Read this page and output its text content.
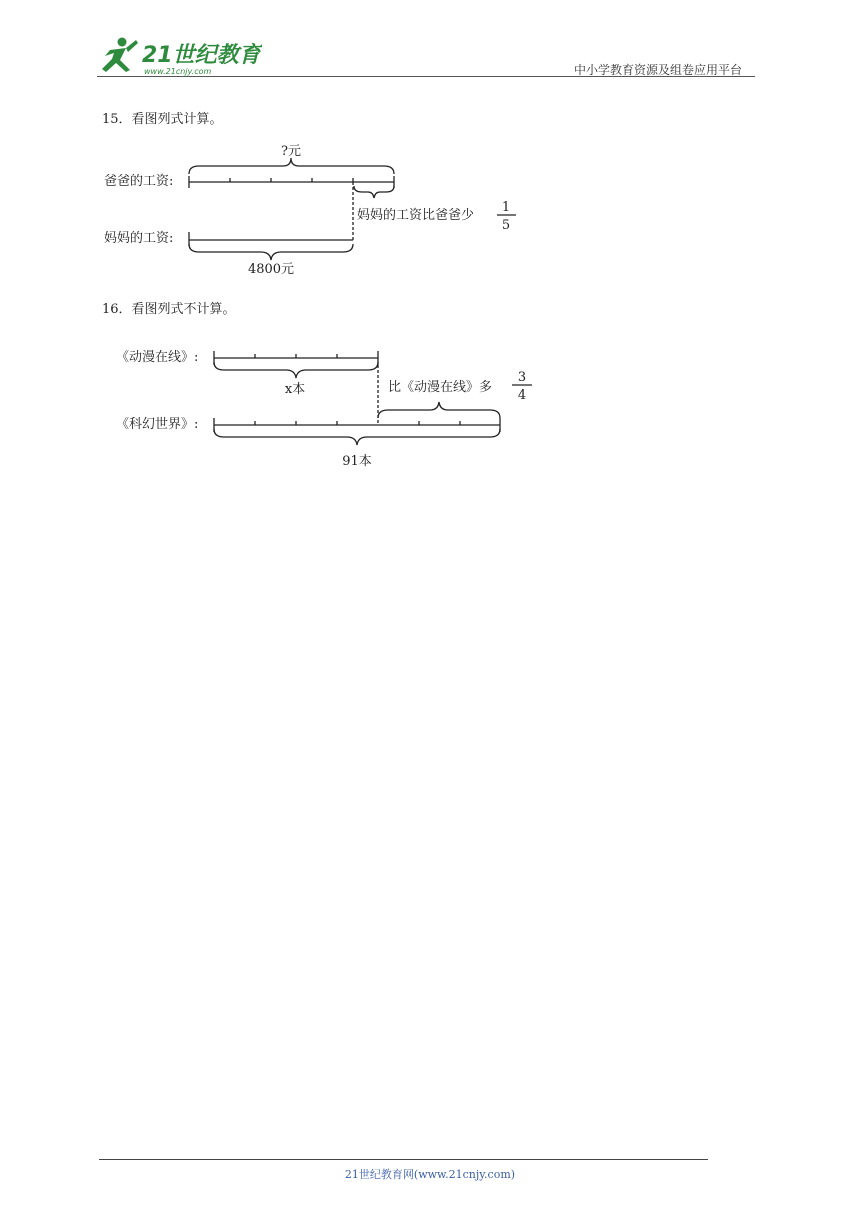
21世纪教育
www.21cnjy.com	中小学教育资源及组卷应用平台
15．看图列式计算。
16．看图列式不计算。
?元
爸爸的工资:
妈妈的工资:
妈妈的工资比爸爸少
1
5
4800元
《动漫在线》:
《科幻世界》:
x本	比《动漫在线》多
3
4
91本
21世纪教育网(www.21cnjy.com)
